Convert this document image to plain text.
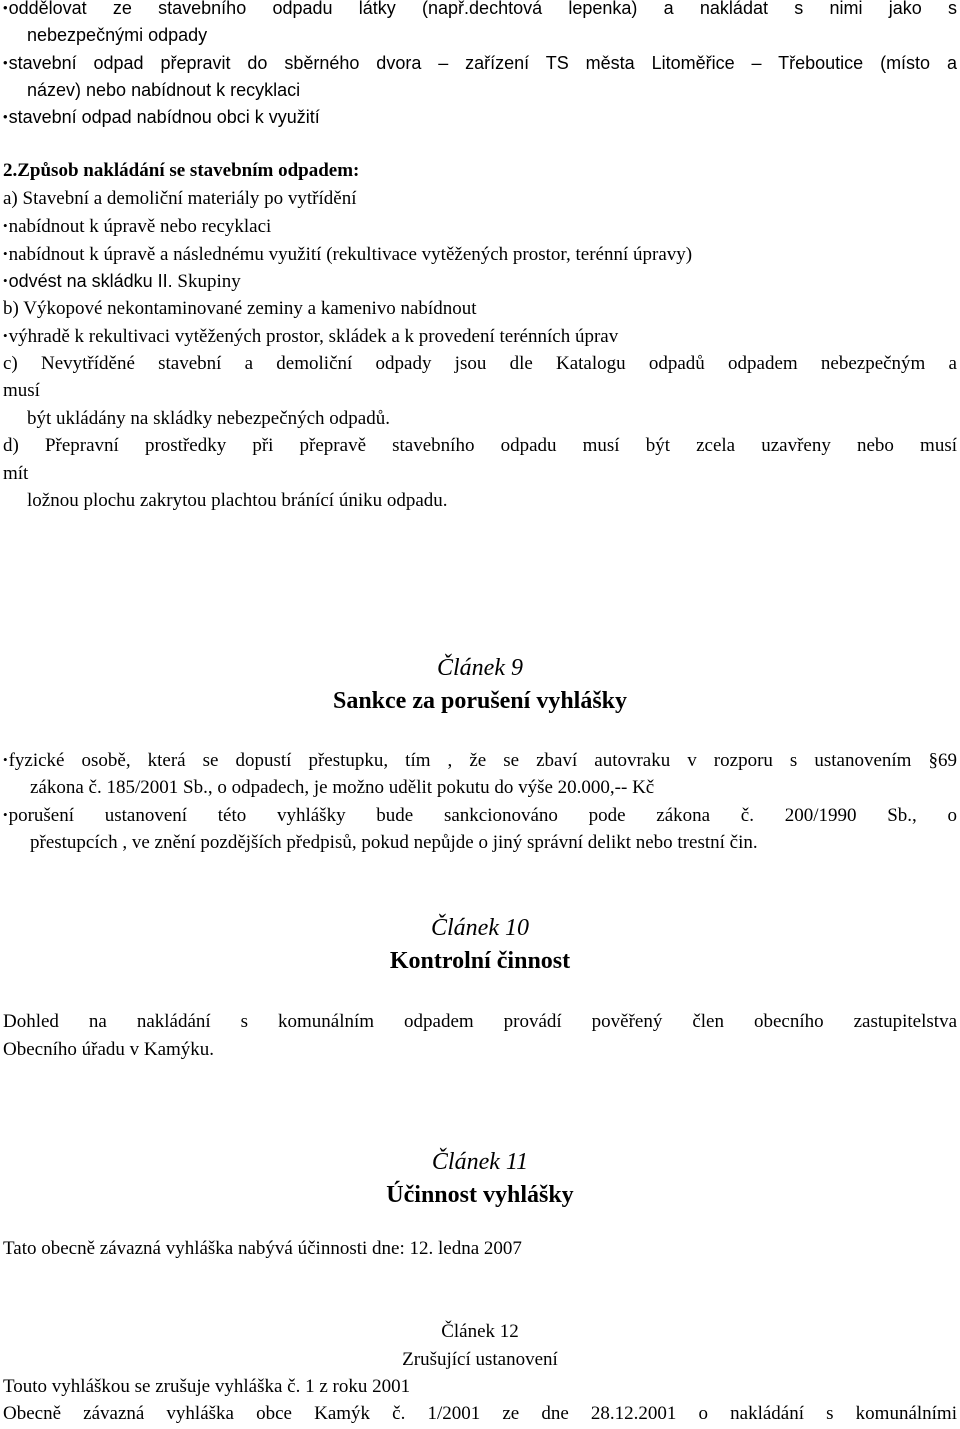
• oddělovat ze stavebního odpadu látky (např.dechtová lepenka) a nakládat s nimi jako s
nebezpečnými odpady
• stavební odpad přepravit do sběrného dvora – zařízení TS města Litoměřice – Třeboutice (místo a
název) nebo nabídnout k recyklaci
• stavební odpad nabídnou obci k využití
2.Způsob nakládání se stavebním odpadem:
a) Stavební a demoliční materiály po vytřídění
• nabídnout k úpravě nebo recyklaci
• nabídnout k úpravě a následnému využití (rekultivace vytěžených prostor, terénní úpravy)
• odvést na skládku II. Skupiny
b) Výkopové nekontaminované zeminy a kamenivo nabídnout
• výhradě k rekultivaci vytěžených prostor, skládek a k provedení terénních úprav
c) Nevytříděné stavební a demoliční odpady jsou dle Katalogu odpadů odpadem nebezpečným a
musí
být ukládány na skládky nebezpečných odpadů.
d) Přepravní prostředky při přepravě stavebního odpadu musí být zcela uzavřeny nebo musí
mít
ložnou plochu zakrytou plachtou bránící úniku odpadu.
Článek 9
Sankce za porušení vyhlášky
• fyzické osobě, která se dopustí přestupku, tím , že se zbaví autovraku v rozporu s ustanovením §69
zákona č. 185/2001 Sb., o odpadech, je možno udělit pokutu do výše 20.000,-- Kč
• porušení ustanovení této vyhlášky bude sankcionováno pode zákona č. 200/1990 Sb., o
přestupcích , ve znění pozdějších předpisů, pokud nepůjde o jiný správní delikt nebo trestní čin.
Článek 10
Kontrolní činnost
Dohled na nakládání s komunálním odpadem provádí pověřený člen obecního zastupitelstva
Obecního úřadu v Kamýku.
Článek 11
Účinnost vyhlášky
Tato obecně závazná vyhláška nabývá účinnosti dne: 12. ledna 2007
Článek 12
Zrušující ustanovení
Touto vyhláškou se zrušuje vyhláška č. 1 z roku 2001
Obecně závazná vyhláška obce Kamýk č. 1/2001 ze dne 28.12.2001 o nakládání s komunálními
